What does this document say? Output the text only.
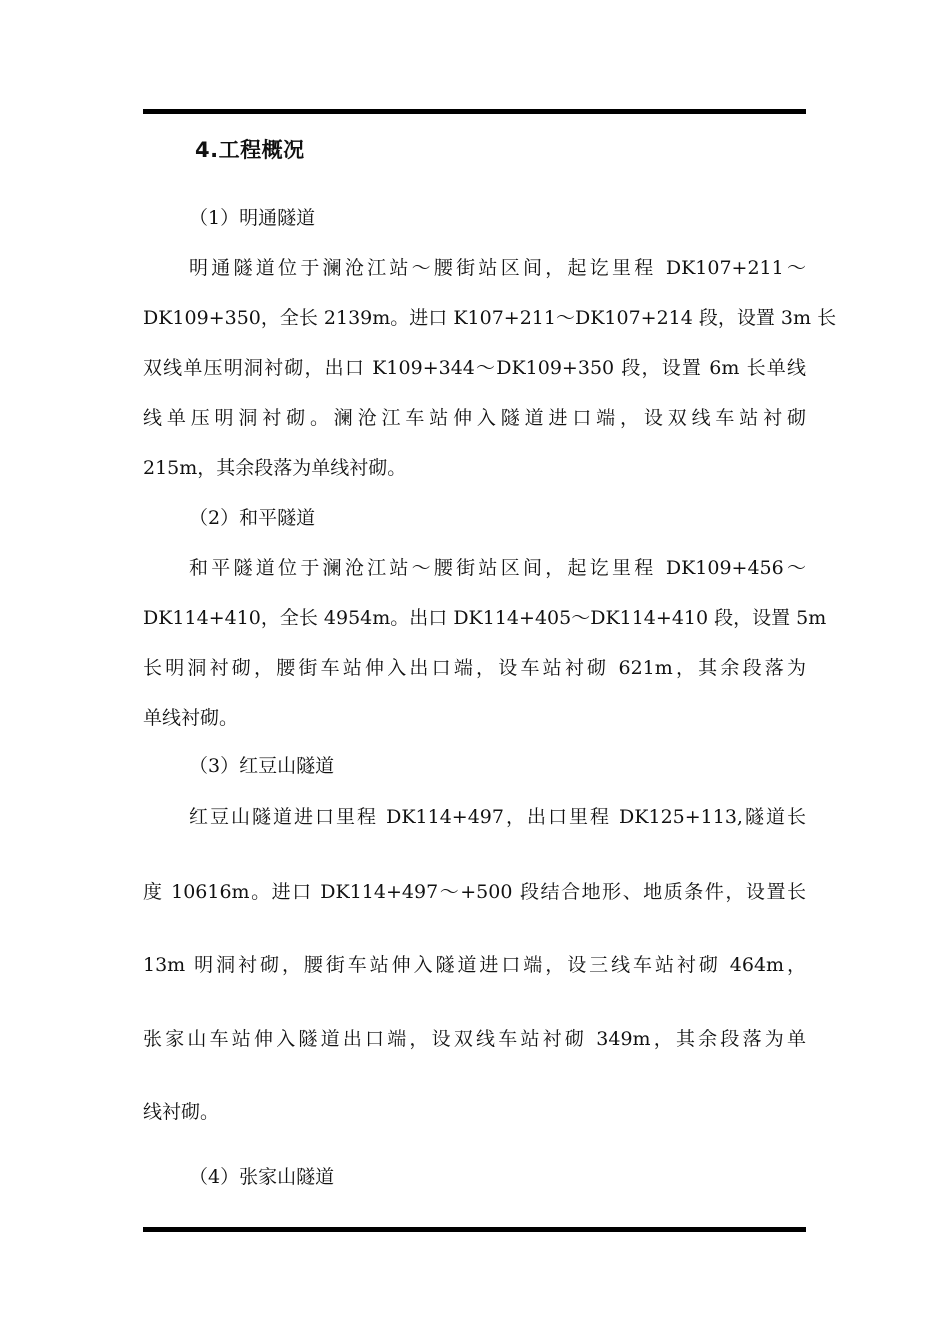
4.工程概况
（1）明通隧道
明通隧道位于澜沧江站～腰街站区间，起讫里程 DK107+211～
DK109+350，全长 2139m。进口 K107+211～DK107+214 段，设置 3m 长
双线单压明洞衬砌，出口 K109+344～DK109+350 段，设置 6m 长单线
线单压明洞衬砌。澜沧江车站伸入隧道进口端，设双线车站衬砌
215m，其余段落为单线衬砌。
（2）和平隧道
和平隧道位于澜沧江站～腰街站区间，起讫里程 DK109+456～
DK114+410，全长 4954m。出口 DK114+405～DK114+410 段，设置 5m
长明洞衬砌，腰街车站伸入出口端，设车站衬砌 621m，其余段落为
单线衬砌。
（3）红豆山隧道
红豆山隧道进口里程 DK114+497，出口里程 DK125+113,隧道长
度 10616m。进口 DK114+497～+500 段结合地形、地质条件，设置长
13m 明洞衬砌，腰街车站伸入隧道进口端，设三线车站衬砌 464m，
张家山车站伸入隧道出口端，设双线车站衬砌 349m，其余段落为单
线衬砌。
（4）张家山隧道
